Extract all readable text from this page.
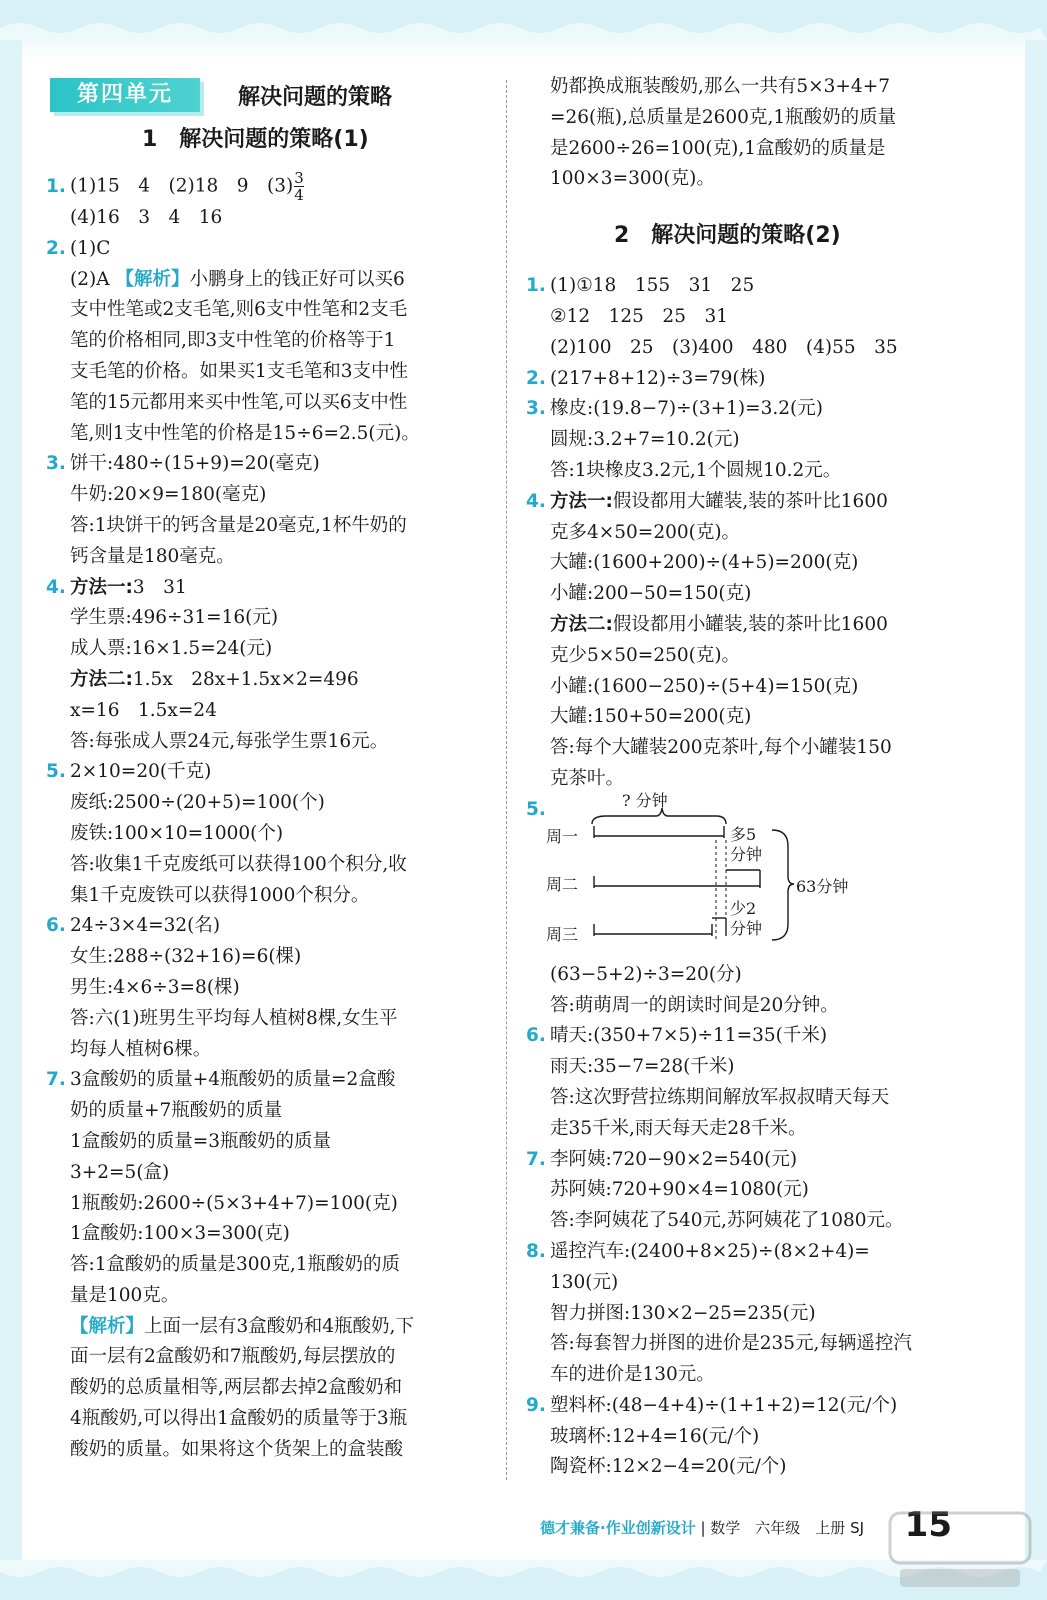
第四单元	解决问题的策略
1　解决问题的策略(1)
2　解决问题的策略(2)
1. (1)15　4　(2)18　9　$(3) \frac{3}{4}$
(4)16　3　4　16
2. (1)C
(2)A 【解析】小鹏身上的钱正好可以买6
支中性笔或2支毛笔,则6支中性笔和2支毛
笔的价格相同,即3支中性笔的价格等于1
支毛笔的价格。如果买1支毛笔和3支中性
笔的15元都用来买中性笔,可以买6支中性
笔,则1支中性笔的价格是15÷6=2.5(元)。
3. 饼干:480÷(15+9)=20(毫克)
牛奶:20×9=180(毫克)
答:1块饼干的钙含量是20毫克,1杯牛奶的
钙含量是180毫克。
4. 方法一:3　31
学生票:496÷31=16(元)
成人票:16×1.5=24(元)
方法二:1.5x　28x+1.5x×2=496
x=16　1.5x=24
答:每张成人票24元,每张学生票16元。
5. 2×10=20(千克)
废纸:2500÷(20+5)=100(个)
废铁:100×10=1000(个)
答:收集1千克废纸可以获得100个积分,收
集1千克废铁可以获得1000个积分。
6. 24÷3×4=32(名)
女生:288÷(32+16)=6(棵)
男生:4×6÷3=8(棵)
答:六(1)班男生平均每人植树8棵,女生平
均每人植树6棵。
7. 3盒酸奶的质量+4瓶酸奶的质量=2盒酸
奶的质量+7瓶酸奶的质量
1盒酸奶的质量=3瓶酸奶的质量
3+2=5(盒)
1瓶酸奶:2600÷(5×3+4+7)=100(克)
1盒酸奶:100×3=300(克)
答:1盒酸奶的质量是300克,1瓶酸奶的质
量是100克。
【解析】上面一层有3盒酸奶和4瓶酸奶,下
面一层有2盒酸奶和7瓶酸奶,每层摆放的
酸奶的总质量相等,两层都去掉2盒酸奶和
4瓶酸奶,可以得出1盒酸奶的质量等于3瓶
酸奶的质量。如果将这个货架上的盒装酸
奶都换成瓶装酸奶,那么一共有5×3+4+7
=26(瓶),总质量是2600克,1瓶酸奶的质量
是2600÷26=100(克),1盒酸奶的质量是
100×3=300(克)。
1. (1)①18　155　31　25
②12　125　25　31
(2)100　25　(3)400　480　(4)55　35
2. (217+8+12)÷3=79(株)
3. 橡皮:(19.8−7)÷(3+1)=3.2(元)
圆规:3.2+7=10.2(元)
答:1块橡皮3.2元,1个圆规10.2元。
4. 方法一:假设都用大罐装,装的茶叶比1600
克多4×50=200(克)。
大罐:(1600+200)÷(4+5)=200(克)
小罐:200−50=150(克)
方法二:假设都用小罐装,装的茶叶比1600
克少5×50=250(克)。
小罐:(1600−250)÷(5+4)=150(克)
大罐:150+50=200(克)
答:每个大罐装200克茶叶,每个小罐装150
克茶叶。
5.
(63−5+2)÷3=20(分)
答:萌萌周一的朗读时间是20分钟。
6. 晴天:(350+7×5)÷11=35(千米)
雨天:35−7=28(千米)
答:这次野营拉练期间解放军叔叔晴天每天
走35千米,雨天每天走28千米。
7. 李阿姨:720−90×2=540(元)
苏阿姨:720+90×4=1080(元)
答:李阿姨花了540元,苏阿姨花了1080元。
8. 遥控汽车:(2400+8×25)÷(8×2+4)=
130(元)
智力拼图:130×2−25=235(元)
答:每套智力拼图的进价是235元,每辆遥控汽
车的进价是130元。
9. 塑料杯:(48−4+4)÷(1+1+2)=12(元/个)
玻璃杯:12+4=16(元/个)
陶瓷杯:12×2−4=20(元/个)
? 分钟
周一
周二
周三
多5
分钟
少2
分钟
63分钟
德才兼备·作业创新设计 | 数学　六年级　上册 SJ 15
